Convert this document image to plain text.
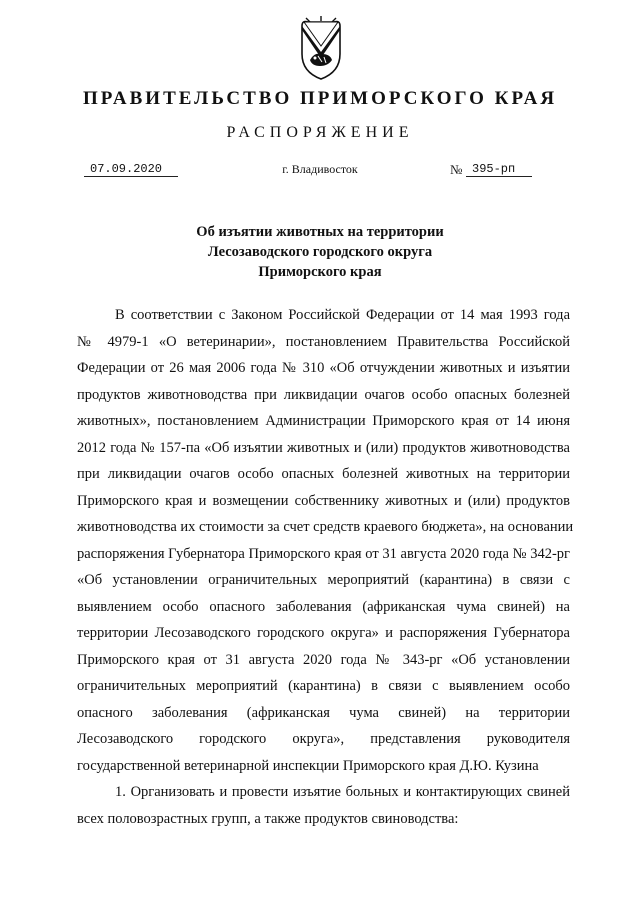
ПРАВИТЕЛЬСТВО ПРИМОРСКОГО КРАЯ
РАСПОРЯЖЕНИЕ
07.09.2020	г. Владивосток	№ 395-рп
Об изъятии животных на территории
Лесозаводского городского округа
Приморского края
В соответствии с Законом Российской Федерации от 14 мая 1993 года
№ 4979-1 «О ветеринарии», постановлением Правительства Российской
Федерации от 26 мая 2006 года № 310 «Об отчуждении животных и изъятии
продуктов животноводства при ликвидации очагов особо опасных болезней
животных», постановлением Администрации Приморского края от 14 июня
2012 года № 157-па «Об изъятии животных и (или) продуктов животноводства
при ликвидации очагов особо опасных болезней животных на территории
Приморского края и возмещении собственнику животных и (или) продуктов
животноводства их стоимости за счет средств краевого бюджета», на основании
распоряжения Губернатора Приморского края от 31 августа 2020 года № 342-рг
«Об установлении ограничительных мероприятий (карантина) в связи с
выявлением особо опасного заболевания (африканская чума свиней) на
территории Лесозаводского городского округа» и распоряжения Губернатора
Приморского края от 31 августа 2020 года № 343-рг «Об установлении
ограничительных мероприятий (карантина) в связи с выявлением особо
опасного заболевания (африканская чума свиней) на территории
Лесозаводского городского округа», представления руководителя
государственной ветеринарной инспекции Приморского края Д.Ю. Кузина
1. Организовать и провести изъятие больных и контактирующих свиней
всех половозрастных групп, а также продуктов свиноводства:
